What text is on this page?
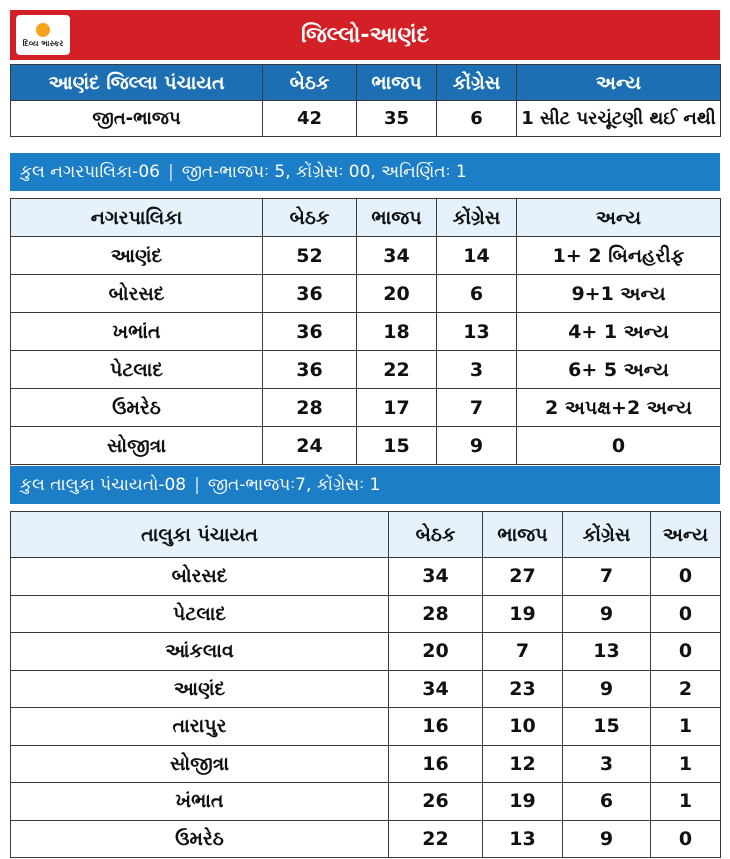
દિવ્ય ભાસ્કર	જિલ્લો-આણંદ
આણંદ જિલ્લા પંચાયત	બેઠક	ભાજપ	કોંગ્રેસ	અન્ય
જીત-ભાજપ	42	35	6	1 સીટ પરચૂંટણી થઈ નથી
કુલ નગરપાલિકા-06 | જીત-ભાજપઃ 5, કોંગ્રેસઃ 00, અનિર્ણિતઃ 1
નગરપાલિકા	બેઠક	ભાજપ	કોંગ્રેસ	અન્ય
આણંદ	52	34	14	1+ 2 બિનહરીફ
બોરસદ	36	20	6	9+1 અન્ય
ખભાંત	36	18	13	4+ 1 અન્ય
પેટલાદ	36	22	3	6+ 5 અન્ય
ઉમરેઠ	28	17	7	2 અપક્ષ+2 અન્ય
સોજીત્રા	24	15	9	0
કુલ તાલુકા પંચાયતો-08 | જીત-ભાજપઃ7, કોંગ્રેસઃ 1
તાલુકા પંચાયત	બેઠક	ભાજપ	કોંગ્રેસ	અન્ય
બોરસદ	34	27	7	0
પેટલાદ	28	19	9	0
આંકલાવ	20	7	13	0
આણંદ	34	23	9	2
તારાપુર	16	10	15	1
સોજીત્રા	16	12	3	1
ખંભાત	26	19	6	1
ઉમરેઠ	22	13	9	0
